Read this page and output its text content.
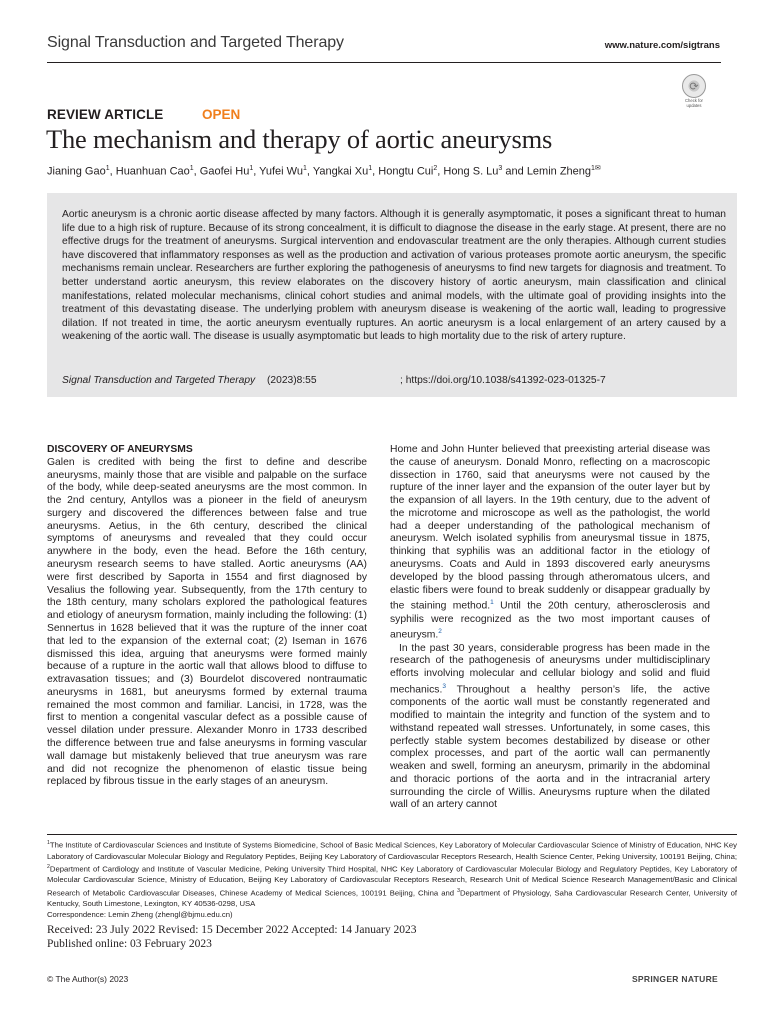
Signal Transduction and Targeted Therapy	www.nature.com/sigtrans
⟳
Check for updates
REVIEW ARTICLE	OPEN
The mechanism and therapy of aortic aneurysms
Jianing Gao$^1$, Huanhuan Cao$^1$, Gaofei Hu$^1$, Yufei Wu$^1$, Yangkai Xu$^1$, Hongtu Cui$^2$, Hong S. Lu$^3$ and Lemin Zheng$^{1✉}$
Aortic aneurysm is a chronic aortic disease affected by many factors. Although it is generally asymptomatic, it poses a significant threat to human life due to a high risk of rupture. Because of its strong concealment, it is difficult to diagnose the disease in the early stage. At present, there are no effective drugs for the treatment of aneurysms. Surgical intervention and endovascular treatment are the only therapies. Although current studies have discovered that inflammatory responses as well as the production and activation of various proteases promote aortic aneurysm, the specific mechanisms remain unclear. Researchers are further exploring the pathogenesis of aneurysms to find new targets for diagnosis and treatment. To better understand aortic aneurysm, this review elaborates on the discovery history of aortic aneurysm, main classification and clinical manifestations, related molecular mechanisms, clinical cohort studies and animal models, with the ultimate goal of providing insights into the treatment of this devastating disease. The underlying problem with aneurysm disease is weakening of the aortic wall, leading to progressive dilation. If not treated in time, the aortic aneurysm eventually ruptures. An aortic aneurysm is a local enlargement of an artery caused by a weakening of the aortic wall. The disease is usually asymptomatic but leads to high mortality due to the risk of artery rupture.
Signal Transduction and Targeted Therapy (2023)8:55	; https://doi.org/10.1038/s41392-023-01325-7
DISCOVERY OF ANEURYSMS

Galen is credited with being the first to define and describe aneurysms, mainly those that are visible and palpable on the surface of the body, while deep-seated aneurysms are the most common. In the 2nd century, Antyllos was a pioneer in the field of aneurysm surgery and discovered the differences between false and true aneurysms. Aetius, in the 6th century, described the clinical symptoms of aneurysms and revealed that they could occur anywhere in the body, even the head. Before the 16th century, aneurysm research seems to have stalled. Aortic aneurysms (AA) were first described by Saporta in 1554 and first diagnosed by Vesalius the following year. Subsequently, from the 17th century to the 18th century, many scholars explored the pathological features and etiology of aneurysm formation, mainly including the following: (1) Sennertus in 1628 believed that it was the rupture of the inner coat that led to the expansion of the external coat; (2) Iseman in 1676 dismissed this idea, arguing that aneurysms were formed mainly because of a rupture in the aortic wall that allows blood to diffuse to extravasation tissues; and (3) Bourdelot discovered nontraumatic aneurysms in 1681, but aneurysms formed by external trauma remained the most common and familiar. Lancisi, in 1728, was the first to mention a congenital vascular defect as a possible cause of vessel dilation under pressure. Alexander Monro in 1733 described the difference between true and false aneurysms in forming vascular wall damage but mistakenly believed that true aneurysm was rare and did not recognize the phenomenon of elastic tissue being replaced by fibrous tissue in the early stages of an aneurysm.

Home and John Hunter believed that preexisting arterial disease was the cause of aneurysm. Donald Monro, reflecting on a macroscopic dissection in 1760, said that aneurysms were not caused by the rupture of the inner layer and the expansion of the outer layer but by the expansion of all layers. In the 19th century, due to the advent of the microtome and microscope as well as the pathologist, the world had a deeper understanding of the pathological mechanism of aneurysm. Welch isolated syphilis from aneurysmal tissue in 1875, thinking that syphilis was an additional factor in the etiology of aneurysms. Coats and Auld in 1893 discovered early aneurysms developed by the blood passing through atheromatous ulcers, and elastic fibers were found to break suddenly or disappear gradually by the staining method.$^1$ Until the 20th century, atherosclerosis and syphilis were recognized as the two most important causes of aneurysm.$^2$

In the past 30 years, considerable progress has been made in the research of the pathogenesis of aneurysms under multidisciplinary efforts involving molecular and cellular biology and solid and fluid mechanics.$^3$ Throughout a healthy person’s life, the active components of the aortic wall must be constantly regenerated and modified to maintain the integrity and function of the system and to withstand repeated wall stresses. Unfortunately, in some cases, this perfectly stable system becomes destabilized by disease or other complex processes, and part of the aortic wall can permanently weaken and swell, forming an aneurysm, primarily in the abdominal and thoracic portions of the aorta and in the intracranial artery surrounding the circle of Willis. Aneurysms rupture when the dilated wall of an artery cannot

$^1$The Institute of Cardiovascular Sciences and Institute of Systems Biomedicine, School of Basic Medical Sciences, Key Laboratory of Molecular Cardiovascular Science of Ministry of Education, NHC Key Laboratory of Cardiovascular Molecular Biology and Regulatory Peptides, Beijing Key Laboratory of Cardiovascular Receptors Research, Health Science Center, Peking University, 100191 Beijing, China; $^2$Department of Cardiology and Institute of Vascular Medicine, Peking University Third Hospital, NHC Key Laboratory of Cardiovascular Molecular Biology and Regulatory Peptides, Key Laboratory of Molecular Cardiovascular Science, Ministry of Education, Beijing Key Laboratory of Cardiovascular Receptors Research, Research Unit of Medical Science Research Management/Basic and Clinical Research of Metabolic Cardiovascular Diseases, Chinese Academy of Medical Sciences, 100191 Beijing, China and $^3$Department of Physiology, Saha Cardiovascular Research Center, University of Kentucky, South Limestone, Lexington, KY 40536-0298, USA
Correspondence: Lemin Zheng (zhengl@bjmu.edu.cn)
Received: 23 July 2022 Revised: 15 December 2022 Accepted: 14 January 2023
Published online: 03 February 2023
© The Author(s) 2023	SPRINGER NATURE
